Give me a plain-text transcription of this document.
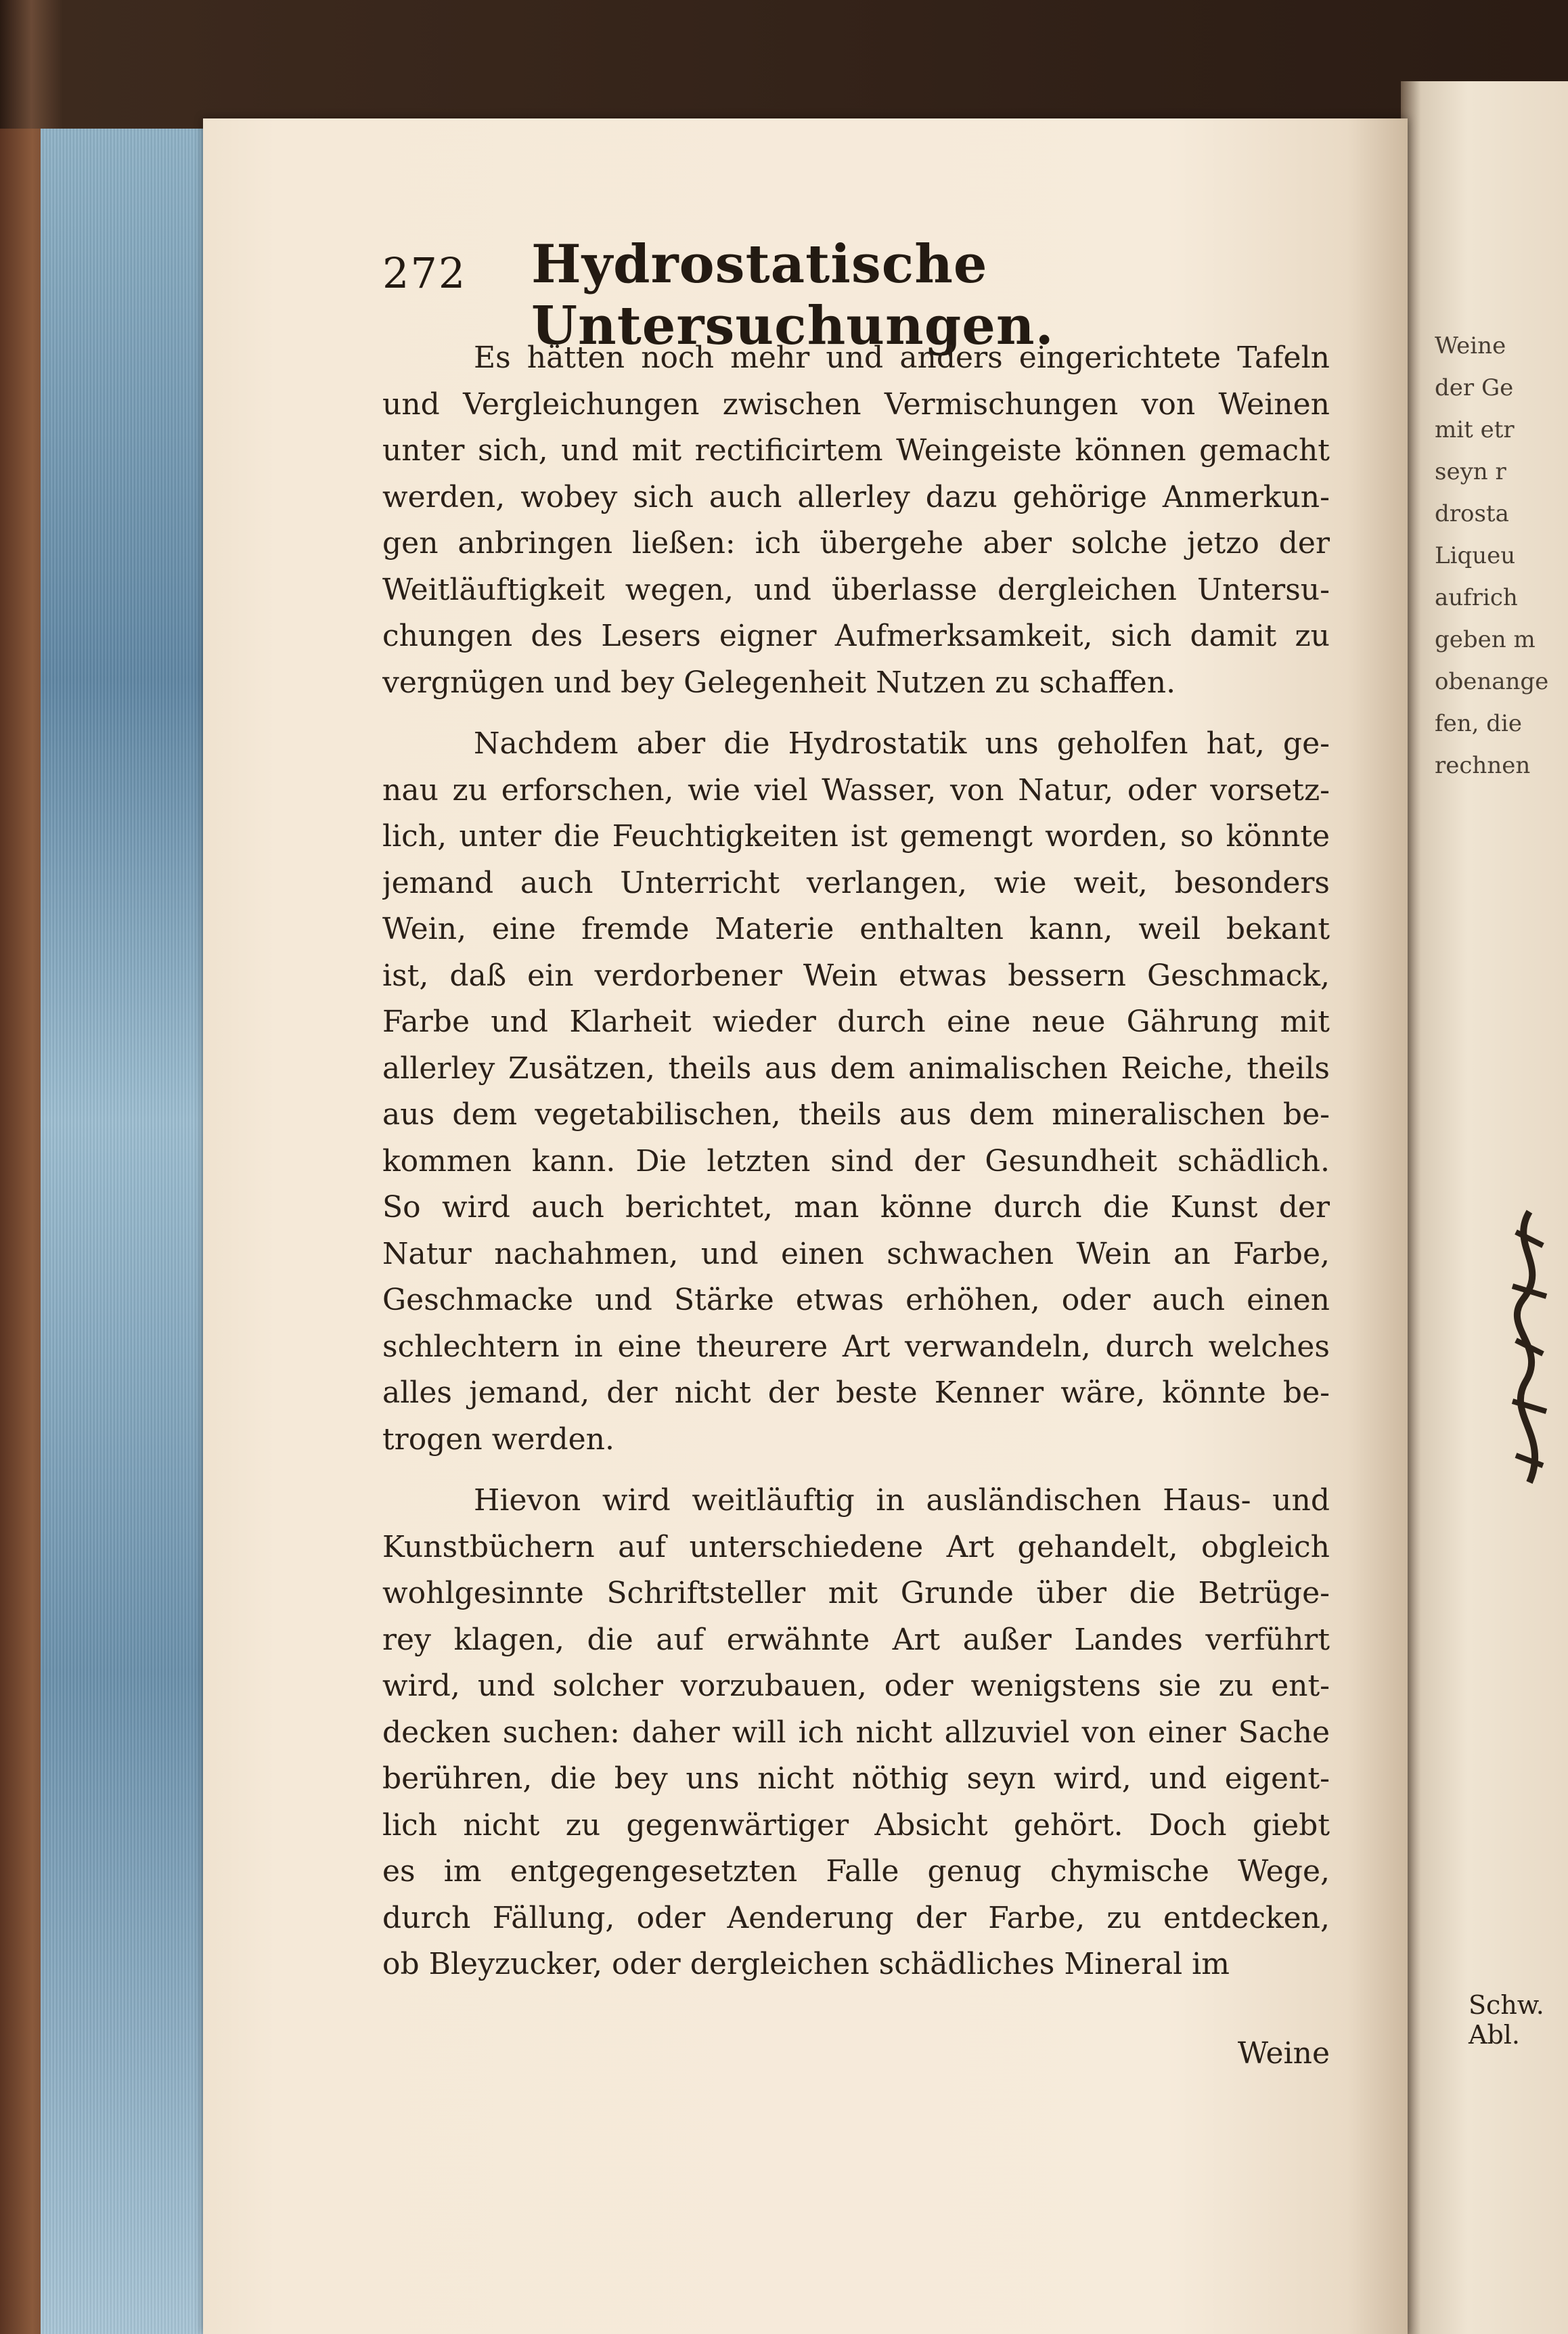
Weine
der Ge
mit etr
seyn r
drosta
Liqueu
aufrich
geben m
obenange
fen, die
rechnen
Schw. Abl.
272 Hydrostatische Untersuchungen.
Es hätten noch mehr und anders eingerichtete Tafeln
und Vergleichungen zwischen Vermischungen von Weinen
unter sich, und mit rectificirtem Weingeiste können gemacht
werden, wobey sich auch allerley dazu gehörige Anmerkun-
gen anbringen ließen: ich übergehe aber solche jetzo der
Weitläuftigkeit wegen, und überlasse dergleichen Untersu-
chungen des Lesers eigner Aufmerksamkeit, sich damit zu
vergnügen und bey Gelegenheit Nutzen zu schaffen.
Nachdem aber die Hydrostatik uns geholfen hat, ge-
nau zu erforschen, wie viel Wasser, von Natur, oder vorsetz-
lich, unter die Feuchtigkeiten ist gemengt worden, so könnte
jemand auch Unterricht verlangen, wie weit, besonders
Wein, eine fremde Materie enthalten kann, weil bekant
ist, daß ein verdorbener Wein etwas bessern Geschmack,
Farbe und Klarheit wieder durch eine neue Gährung mit
allerley Zusätzen, theils aus dem animalischen Reiche, theils
aus dem vegetabilischen, theils aus dem mineralischen be-
kommen kann. Die letzten sind der Gesundheit schädlich.
So wird auch berichtet, man könne durch die Kunst der
Natur nachahmen, und einen schwachen Wein an Farbe,
Geschmacke und Stärke etwas erhöhen, oder auch einen
schlechtern in eine theurere Art verwandeln, durch welches
alles jemand, der nicht der beste Kenner wäre, könnte be-
trogen werden.
Hievon wird weitläuftig in ausländischen Haus- und
Kunstbüchern auf unterschiedene Art gehandelt, obgleich
wohlgesinnte Schriftsteller mit Grunde über die Betrüge-
rey klagen, die auf erwähnte Art außer Landes verführt
wird, und solcher vorzubauen, oder wenigstens sie zu ent-
decken suchen: daher will ich nicht allzuviel von einer Sache
berühren, die bey uns nicht nöthig seyn wird, und eigent-
lich nicht zu gegenwärtiger Absicht gehört. Doch giebt
es im entgegengesetzten Falle genug chymische Wege,
durch Fällung, oder Aenderung der Farbe, zu entdecken,
ob Bleyzucker, oder dergleichen schädliches Mineral im
Weine
